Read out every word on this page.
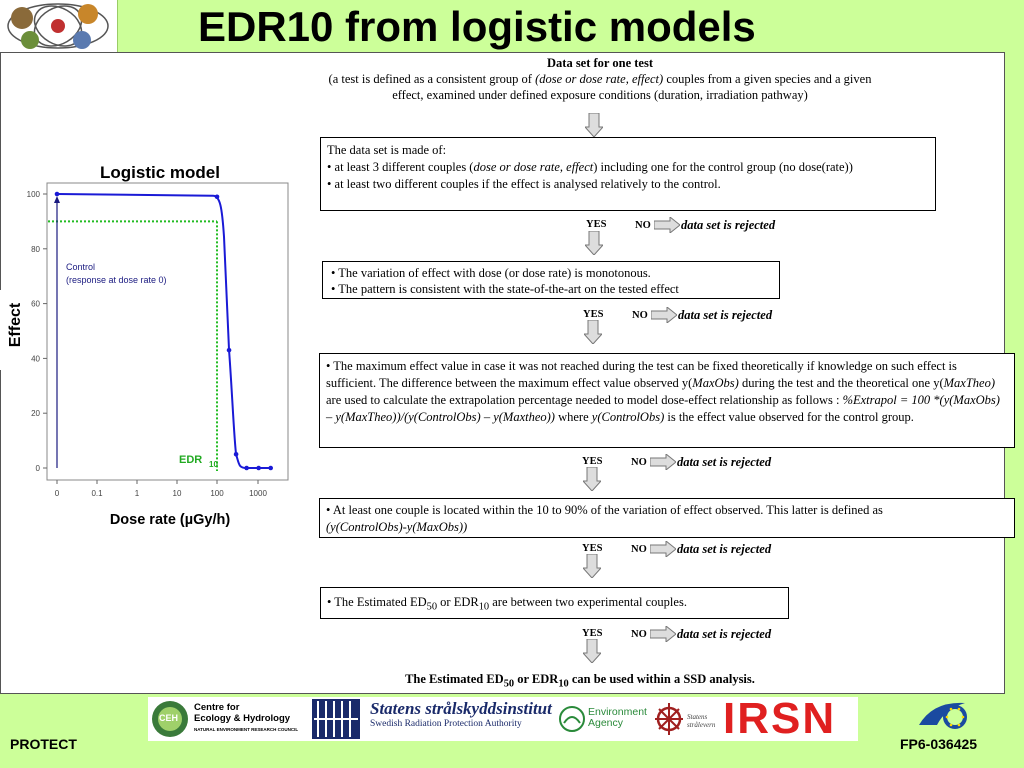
EDR10 from logistic models
Data set for one test
(a test is defined as a consistent group of (dose or dose rate, effect) couples from a given species and a given
effect, examined under defined exposure conditions (duration, irradiation pathway)

The data set is made of:

• at least 3 different couples (dose or dose rate, effect) including one for the control group (no dose(rate))

• at least two different couples if the effect is analysed relatively to the control.

YES	NO data set is rejected

• The variation of effect with dose (or dose rate) is monotonous.

• The pattern is consistent with the state-of-the-art on the tested effect

YES	NO data set is rejected

• The maximum effect value in case it was not reached during the test can be fixed theoretically if knowledge on such effect is sufficient. The difference between the maximum effect value observed y(MaxObs) during the test and the theoretical one y(MaxTheo) are used to calculate the extrapolation percentage needed to model dose-effect relationship as follows : %Extrapol = 100 *(y(MaxObs) – y(MaxTheo))/(y(ControlObs) – y(Maxtheo)) where y(ControlObs) is the effect value observed for the control group.

YES	NO data set is rejected

• At least one couple is located within the 10 to 90% of the variation of effect observed. This latter is defined as

(y(ControlObs)-y(MaxObs))

YES	NO data set is rejected

• The Estimated $ED_{50}$ or $EDR_{10}$ are between two experimental couples.

YES	NO data set is rejected
The Estimated $ED_{50}$ or $EDR_{10}$ can be used within a SSD analysis.
Logistic model
Effect
Dose rate (µGy/h)
0
20
40
60
80
100
0	0.1	1	10	100	1000
Control
(response at dose rate 0)
EDR 10
CEH
Centre for
Ecology & Hydrology
NATURAL ENVIRONMENT RESEARCH COUNCIL
Statens strålskyddsinstitut
Swedish Radiation Protection Authority
Environment
Agency	Statens
strålevern IRSN
PROTECT	FP6-036425
